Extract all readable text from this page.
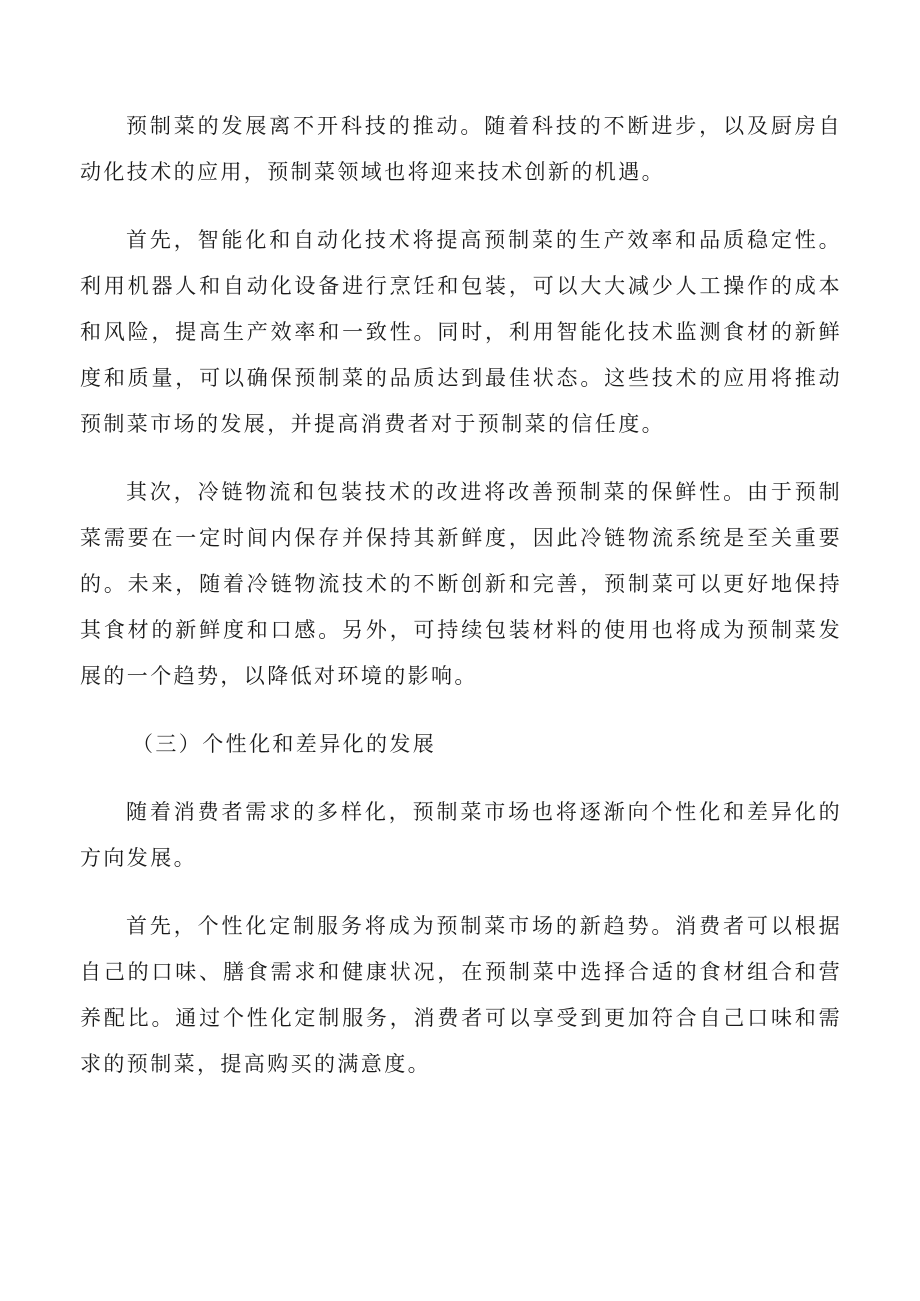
预制菜的发展离不开科技的推动。随着科技的不断进步，以及厨房自动化技术的应用，预制菜领域也将迎来技术创新的机遇。

首先，智能化和自动化技术将提高预制菜的生产效率和品质稳定性。利用机器人和自动化设备进行烹饪和包装，可以大大减少人工操作的成本和风险，提高生产效率和一致性。同时，利用智能化技术监测食材的新鲜度和质量，可以确保预制菜的品质达到最佳状态。这些技术的应用将推动预制菜市场的发展，并提高消费者对于预制菜的信任度。

其次，冷链物流和包装技术的改进将改善预制菜的保鲜性。由于预制菜需要在一定时间内保存并保持其新鲜度，因此冷链物流系统是至关重要的。未来，随着冷链物流技术的不断创新和完善，预制菜可以更好地保持其食材的新鲜度和口感。另外，可持续包装材料的使用也将成为预制菜发展的一个趋势，以降低对环境的影响。

（三）个性化和差异化的发展

随着消费者需求的多样化，预制菜市场也将逐渐向个性化和差异化的方向发展。

首先，个性化定制服务将成为预制菜市场的新趋势。消费者可以根据自己的口味、膳食需求和健康状况，在预制菜中选择合适的食材组合和营养配比。通过个性化定制服务，消费者可以享受到更加符合自己口味和需求的预制菜，提高购买的满意度。
